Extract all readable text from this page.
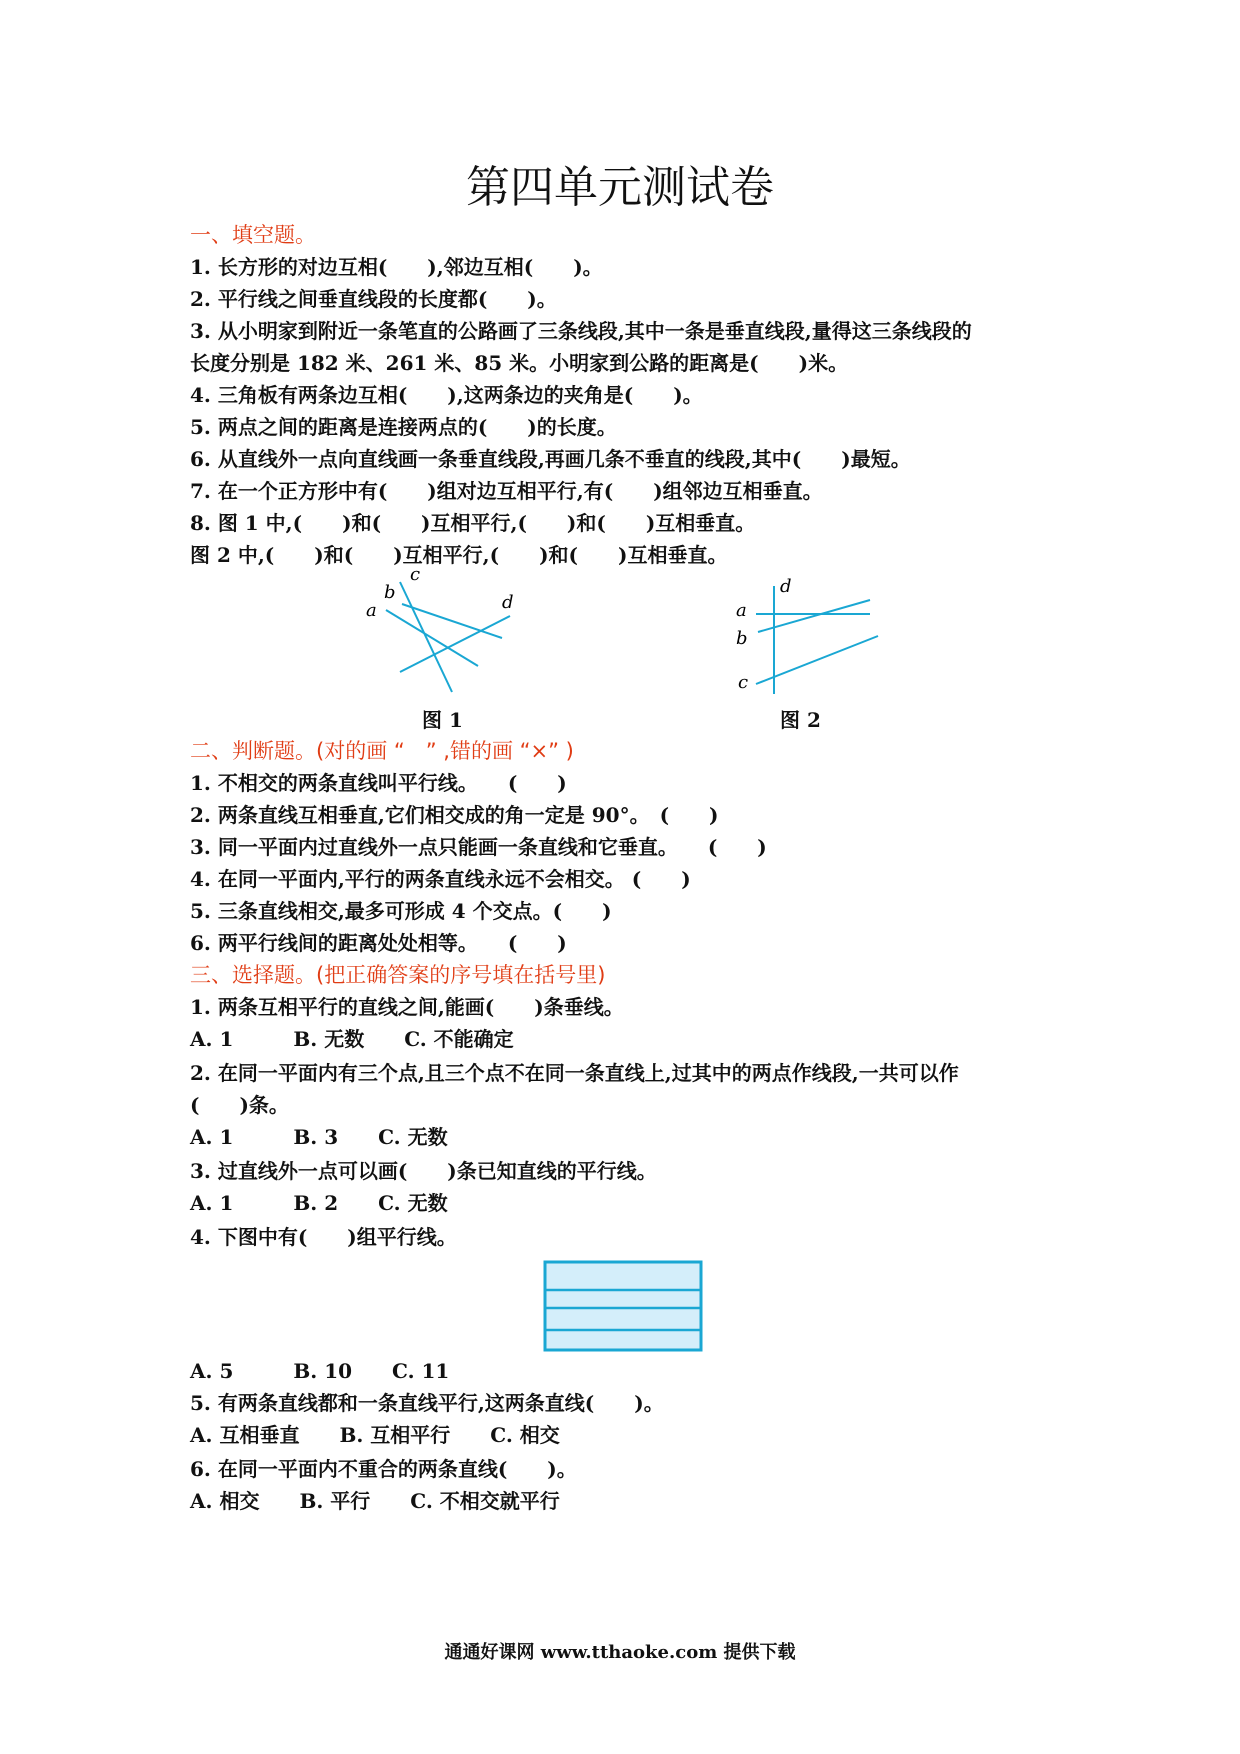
第四单元测试卷
一、填空题。
1. 长方形的对边互相(　　),邻边互相(　　)。
2. 平行线之间垂直线段的长度都(　　)。
3. 从小明家到附近一条笔直的公路画了三条线段,其中一条是垂直线段,量得这三条线段的
长度分别是 182 米、261 米、85 米。小明家到公路的距离是(　　)米。
4. 三角板有两条边互相(　　),这两条边的夹角是(　　)。
5. 两点之间的距离是连接两点的(　　)的长度。
6. 从直线外一点向直线画一条垂直线段,再画几条不垂直的线段,其中(　　)最短。
7. 在一个正方形中有(　　)组对边互相平行,有(　　)组邻边互相垂直。
8. 图 1 中,(　　)和(　　)互相平行,(　　)和(　　)互相垂直。
图 2 中,(　　)和(　　)互相平行,(　　)和(　　)互相垂直。
a
b
c
d
图 1
a
b
c
d
图 2
二、判断题。(对的画 “　” ,错的画 “×” )
1. 不相交的两条直线叫平行线。　　(　　)
2. 两条直线互相垂直,它们相交成的角一定是 90°。　(　　)
3. 同一平面内过直线外一点只能画一条直线和它垂直。　　(　　)
4. 在同一平面内,平行的两条直线永远不会相交。 (　　)
5. 三条直线相交,最多可形成 4 个交点。(　　)
6. 两平行线间的距离处处相等。　　(　　)
三、选择题。(把正确答案的序号填在括号里)
1. 两条互相平行的直线之间,能画(　　)条垂线。
A. 1　　　B. 无数　　C. 不能确定
2. 在同一平面内有三个点,且三个点不在同一条直线上,过其中的两点作线段,一共可以作
(　　)条。
A. 1　　　B. 3　　C. 无数
3. 过直线外一点可以画(　　)条已知直线的平行线。
A. 1　　　B. 2　　C. 无数
4. 下图中有(　　)组平行线。
A. 5　　　B. 10　　C. 11
5. 有两条直线都和一条直线平行,这两条直线(　　)。
A. 互相垂直　　B. 互相平行　　C. 相交
6. 在同一平面内不重合的两条直线(　　)。
A. 相交　　B. 平行　　C. 不相交就平行
通通好课网 www.tthaoke.com 提供下载
